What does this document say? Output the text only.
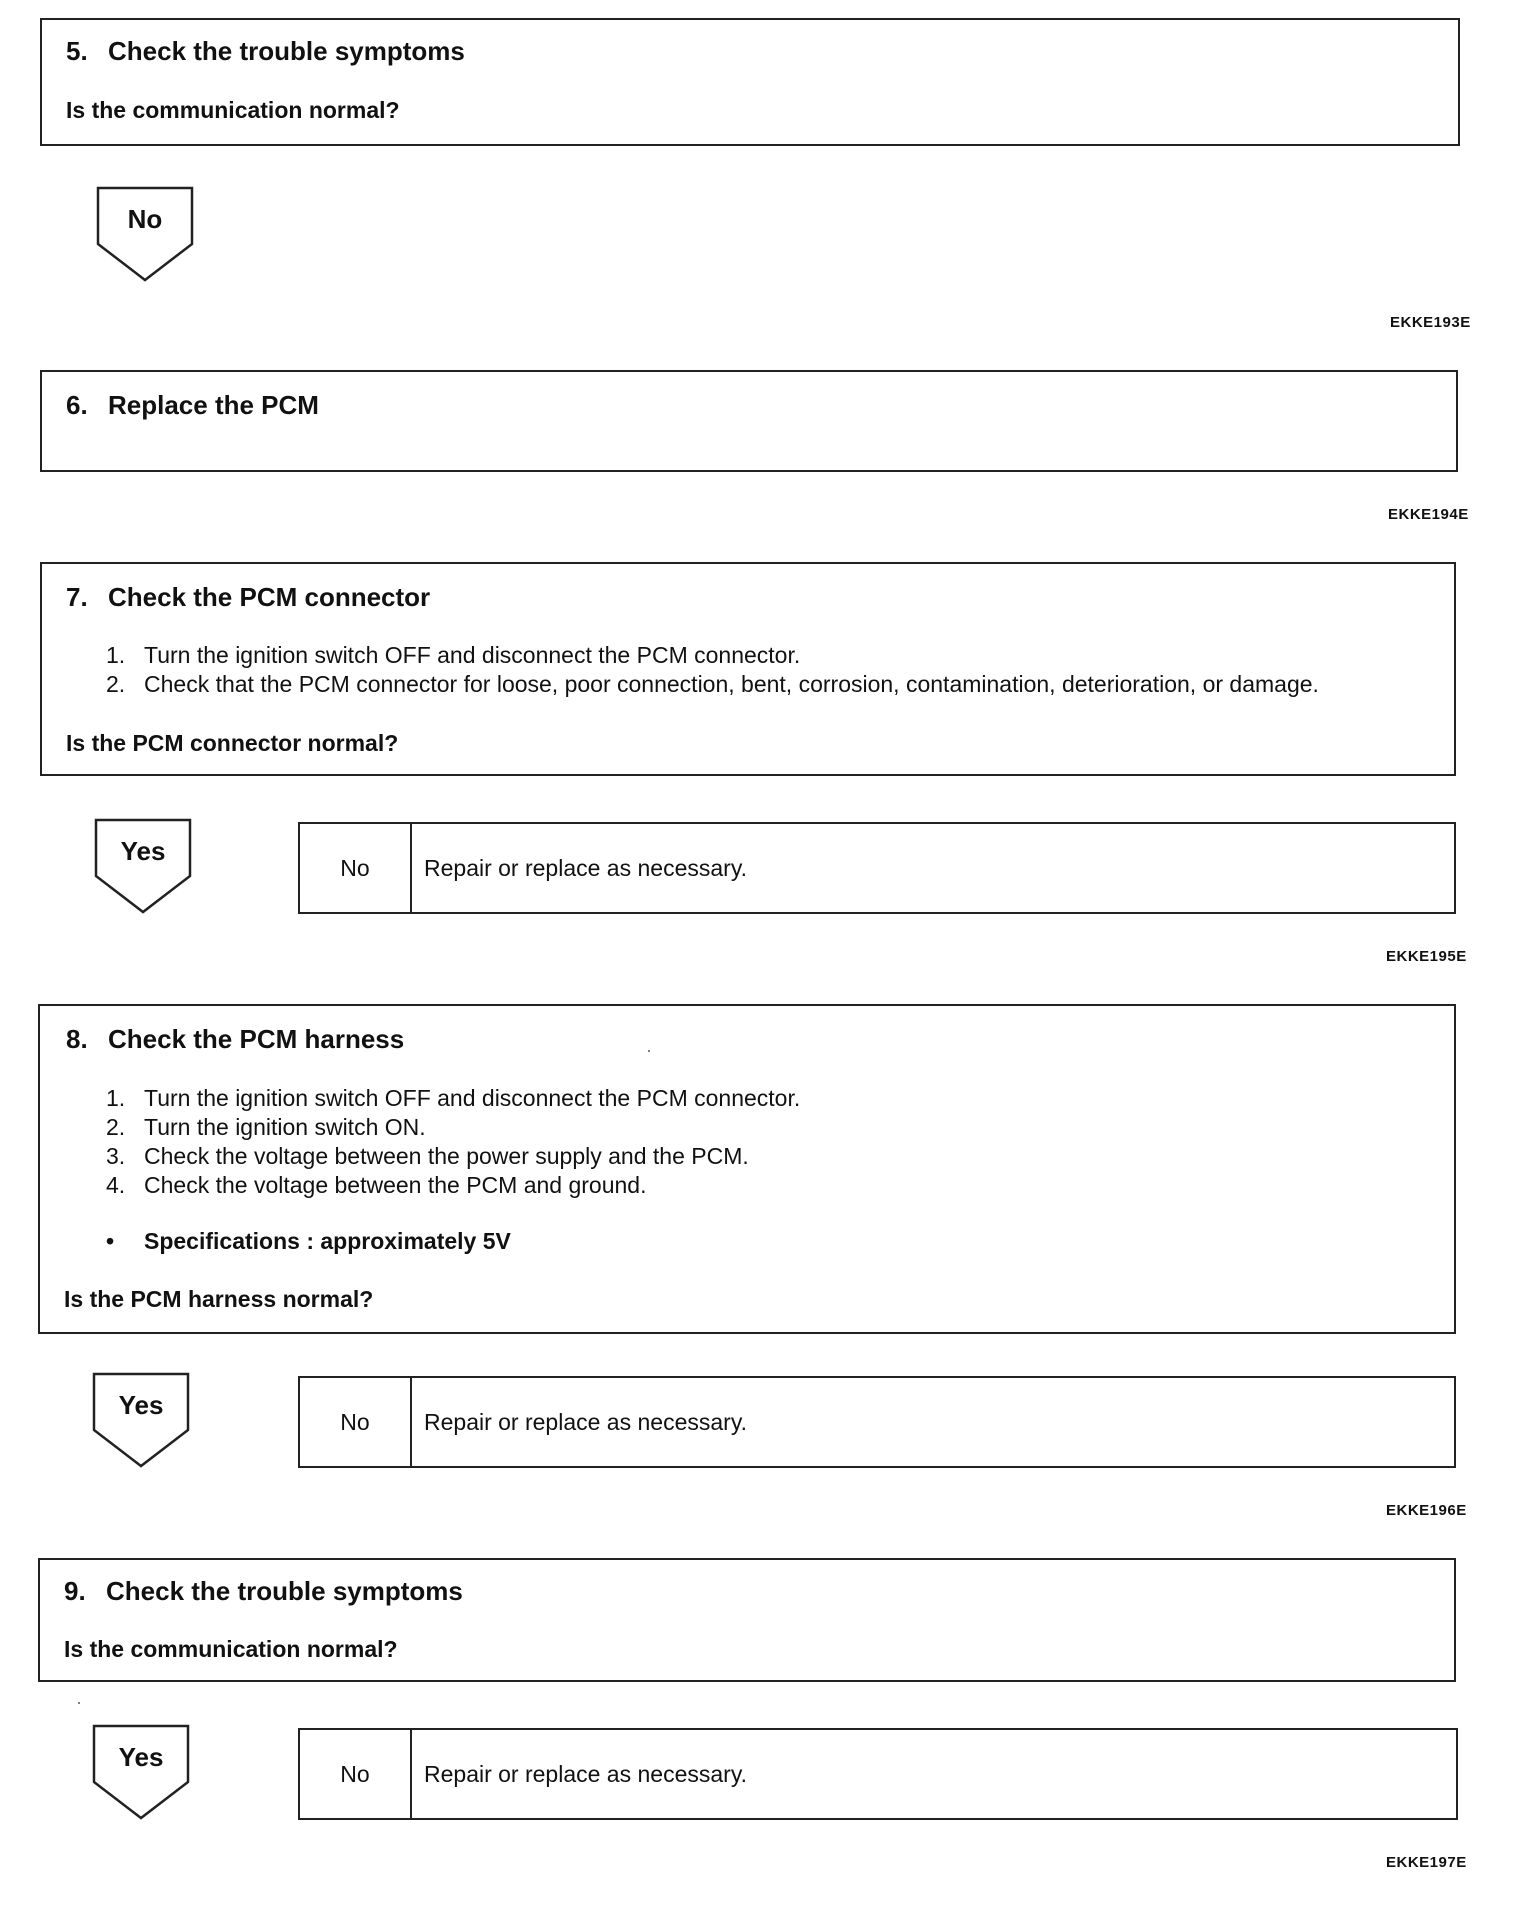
5. Check the trouble symptoms
Is the communication normal?
No
EKKE193E
6. Replace the PCM
EKKE194E
7. Check the PCM connector
1. Turn the ignition switch OFF and disconnect the PCM connector.
2. Check that the PCM connector for loose, poor connection, bent, corrosion, contamination, deterioration, or damage.
Is the PCM connector normal?
Yes
No	Repair or replace as necessary.
EKKE195E
8. Check the PCM harness
1. Turn the ignition switch OFF and disconnect the PCM connector.
2. Turn the ignition switch ON.
3. Check the voltage between the power supply and the PCM.
4. Check the voltage between the PCM and ground.
• Specifications : approximately 5V
Is the PCM harness normal?
Yes
No	Repair or replace as necessary.
EKKE196E
9. Check the trouble symptoms
Is the communication normal?
Yes
No	Repair or replace as necessary.
EKKE197E
